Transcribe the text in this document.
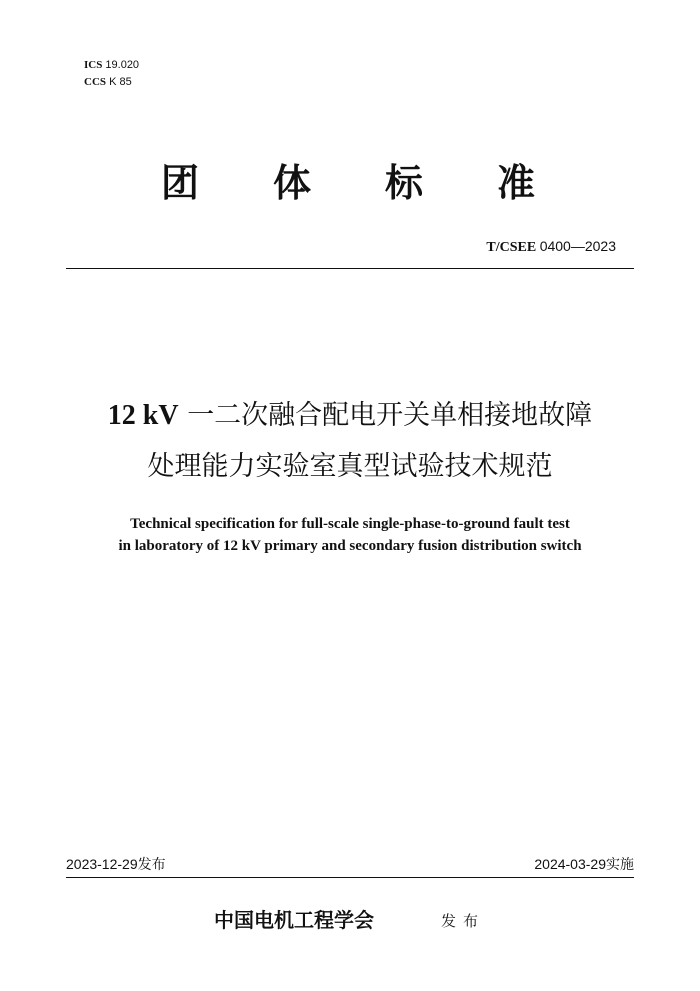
ICS 19.020
CCS K 85
团 体 标 准
T/CSEE 0400—2023
12 kV 一二次融合配电开关单相接地故障
处理能力实验室真型试验技术规范
Technical specification for full-scale single-phase-to-ground fault test
in laboratory of 12 kV primary and secondary fusion distribution switch
2023-12-29发布	2024-03-29实施
中国电机工程学会	发布
